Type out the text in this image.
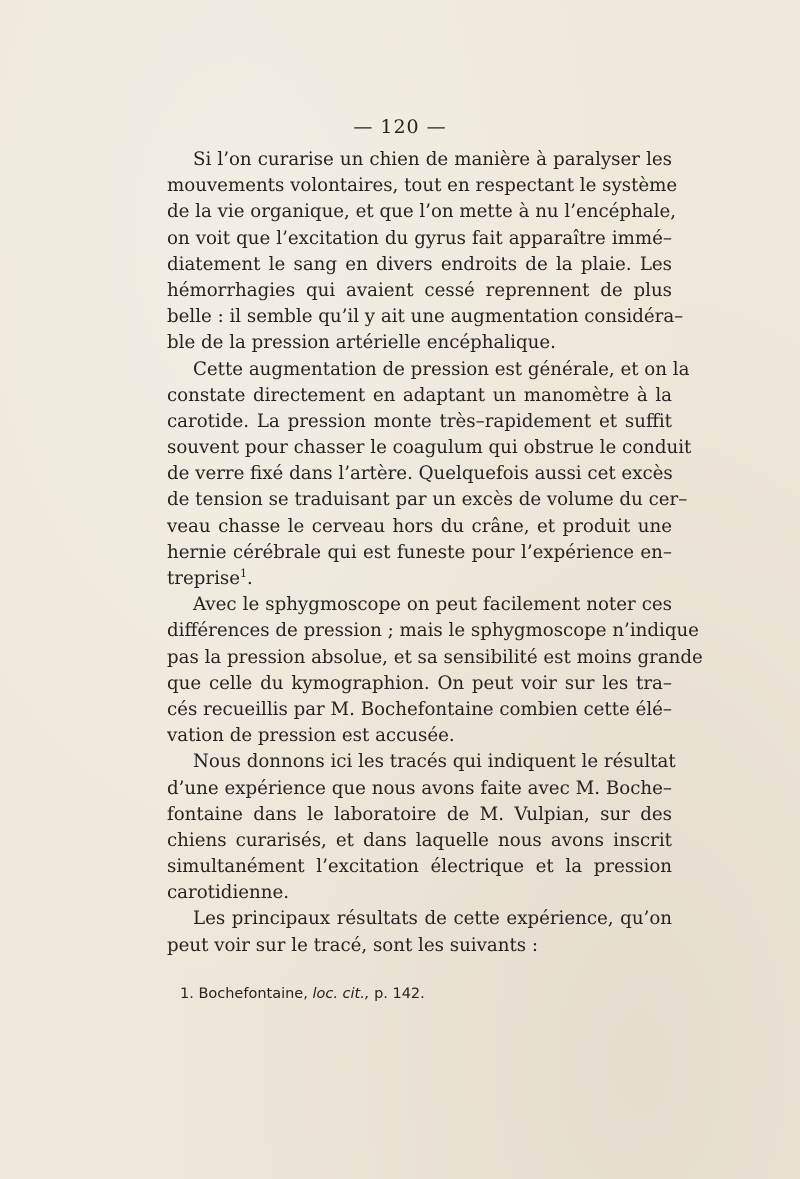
— 120 —
Si l’on curarise un chien de manière à paralyser les
mouvements volontaires, tout en respectant le système
de la vie organique, et que l’on mette à nu l’encéphale,
on voit que l’excitation du gyrus fait apparaître immé–
diatement le sang en divers endroits de la plaie. Les
hémorrhagies qui avaient cessé reprennent de plus
belle : il semble qu’il y ait une augmentation considéra–
ble de la pression artérielle encéphalique.
Cette augmentation de pression est générale, et on la
constate directement en adaptant un manomètre à la
carotide. La pression monte très–rapidement et suffit
souvent pour chasser le coagulum qui obstrue le conduit
de verre fixé dans l’artère. Quelquefois aussi cet excès
de tension se traduisant par un excès de volume du cer–
veau chasse le cerveau hors du crâne, et produit une
hernie cérébrale qui est funeste pour l’expérience en–
treprise$^1$.
Avec le sphygmoscope on peut facilement noter ces
différences de pression ; mais le sphygmoscope n’indique
pas la pression absolue, et sa sensibilité est moins grande
que celle du kymographion. On peut voir sur les tra–
cés recueillis par M. Bochefontaine combien cette élé–
vation de pression est accusée.
Nous donnons ici les tracés qui indiquent le résultat
d’une expérience que nous avons faite avec M. Boche–
fontaine dans le laboratoire de M. Vulpian, sur des
chiens curarisés, et dans laquelle nous avons inscrit
simultanément l’excitation électrique et la pression
carotidienne.
Les principaux résultats de cette expérience, qu’on
peut voir sur le tracé, sont les suivants :
1. Bochefontaine, loc. cit., p. 142.
